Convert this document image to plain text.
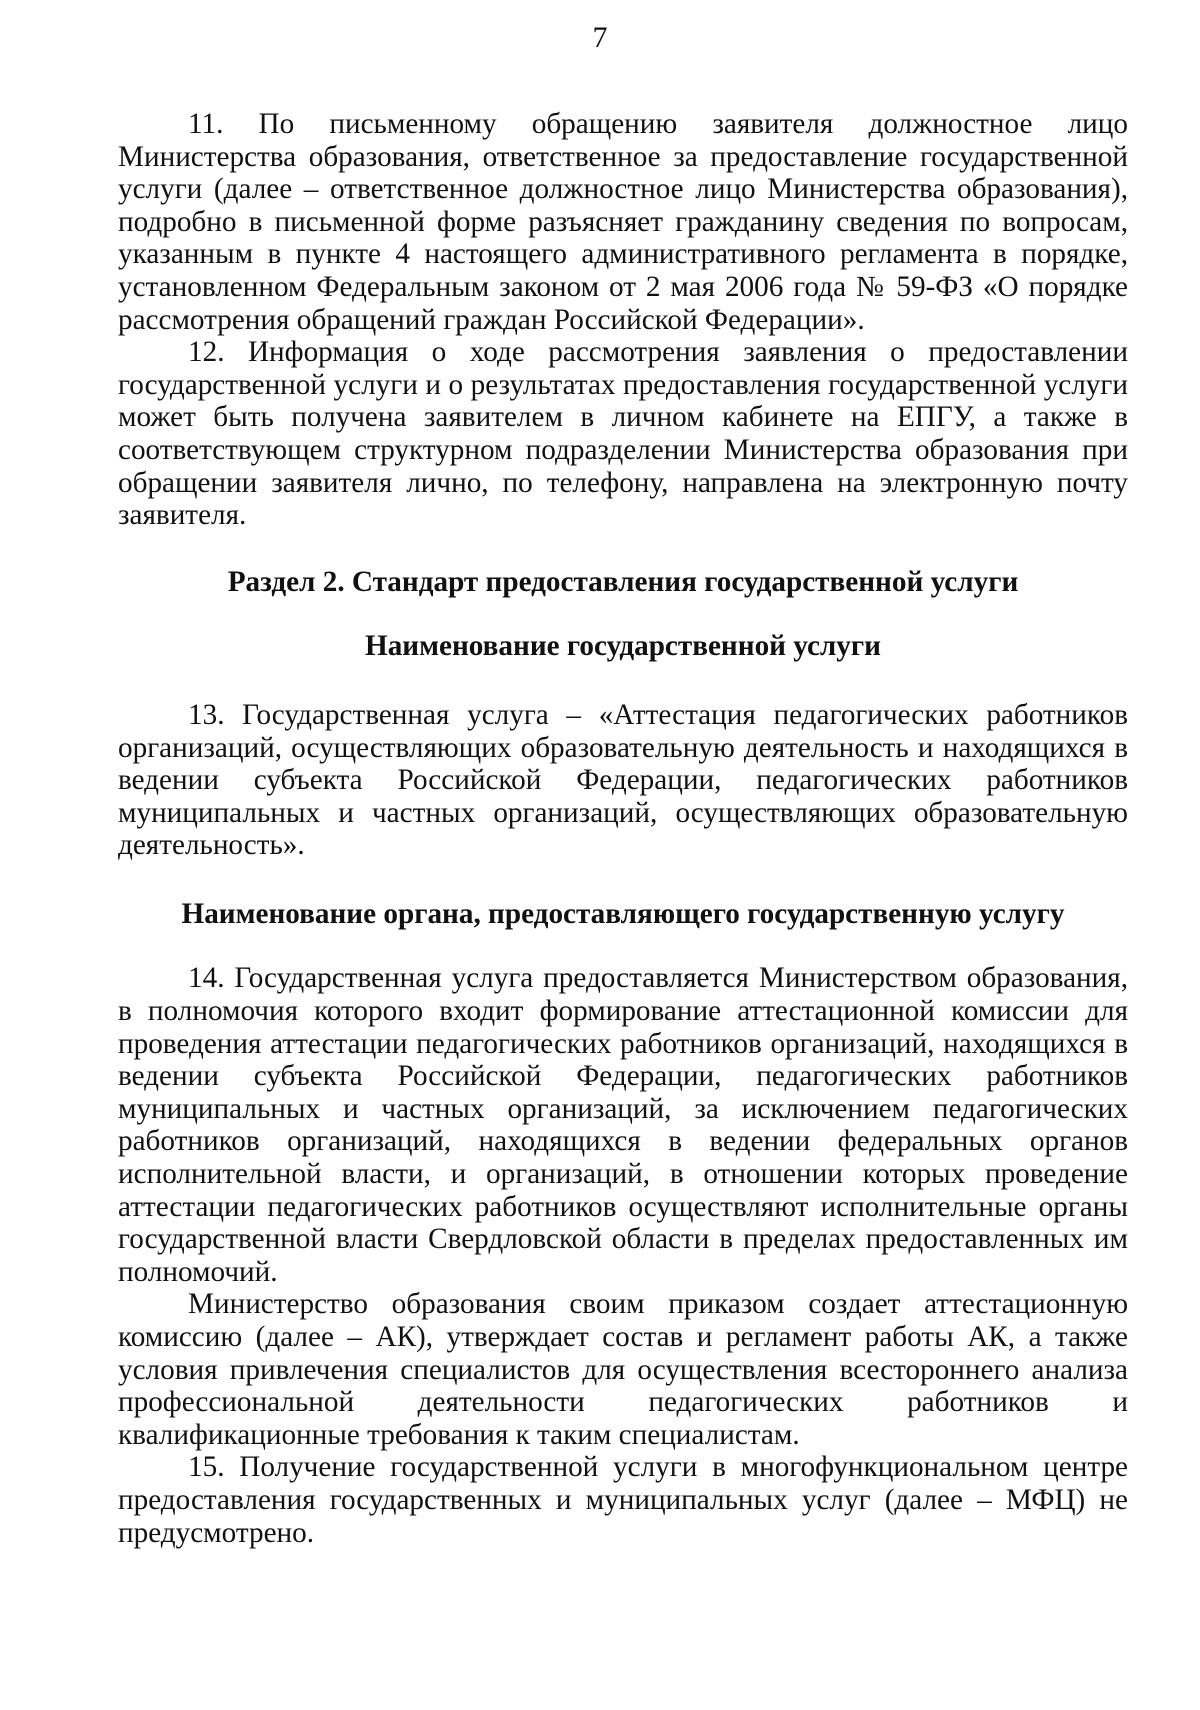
7

11. По письменному обращению заявителя должностное лицо Министерства образования, ответственное за предоставление государственной услуги (далее – ответственное должностное лицо Министерства образования), подробно в письменной форме разъясняет гражданину сведения по вопросам, указанным в пункте 4 настоящего административного регламента в порядке, установленном Федеральным законом от 2 мая 2006 года № 59-ФЗ «О порядке рассмотрения обращений граждан Российской Федерации».

12. Информация о ходе рассмотрения заявления о предоставлении государственной услуги и о результатах предоставления государственной услуги может быть получена заявителем в личном кабинете на ЕПГУ, а также в соответствующем структурном подразделении Министерства образования при обращении заявителя лично, по телефону, направлена на электронную почту заявителя.

Раздел 2. Стандарт предоставления государственной услуги
Наименование государственной услуги

13. Государственная услуга – «Аттестация педагогических работников организаций, осуществляющих образовательную деятельность и находящихся в ведении субъекта Российской Федерации, педагогических работников муниципальных и частных организаций, осуществляющих образовательную деятельность».

Наименование органа, предоставляющего государственную услугу

14. Государственная услуга предоставляется Министерством образования, в полномочия которого входит формирование аттестационной комиссии для проведения аттестации педагогических работников организаций, находящихся в ведении субъекта Российской Федерации, педагогических работников муниципальных и частных организаций, за исключением педагогических работников организаций, находящихся в ведении федеральных органов исполнительной власти, и организаций, в отношении которых проведение аттестации педагогических работников осуществляют исполнительные органы государственной власти Свердловской области в пределах предоставленных им полномочий.

Министерство образования своим приказом создает аттестационную комиссию (далее – АК), утверждает состав и регламент работы АК, а также условия привлечения специалистов для осуществления всестороннего анализа профессиональной деятельности педагогических работников и квалификационные требования к таким специалистам.

15. Получение государственной услуги в многофункциональном центре предоставления государственных и муниципальных услуг (далее – МФЦ) не предусмотрено.
